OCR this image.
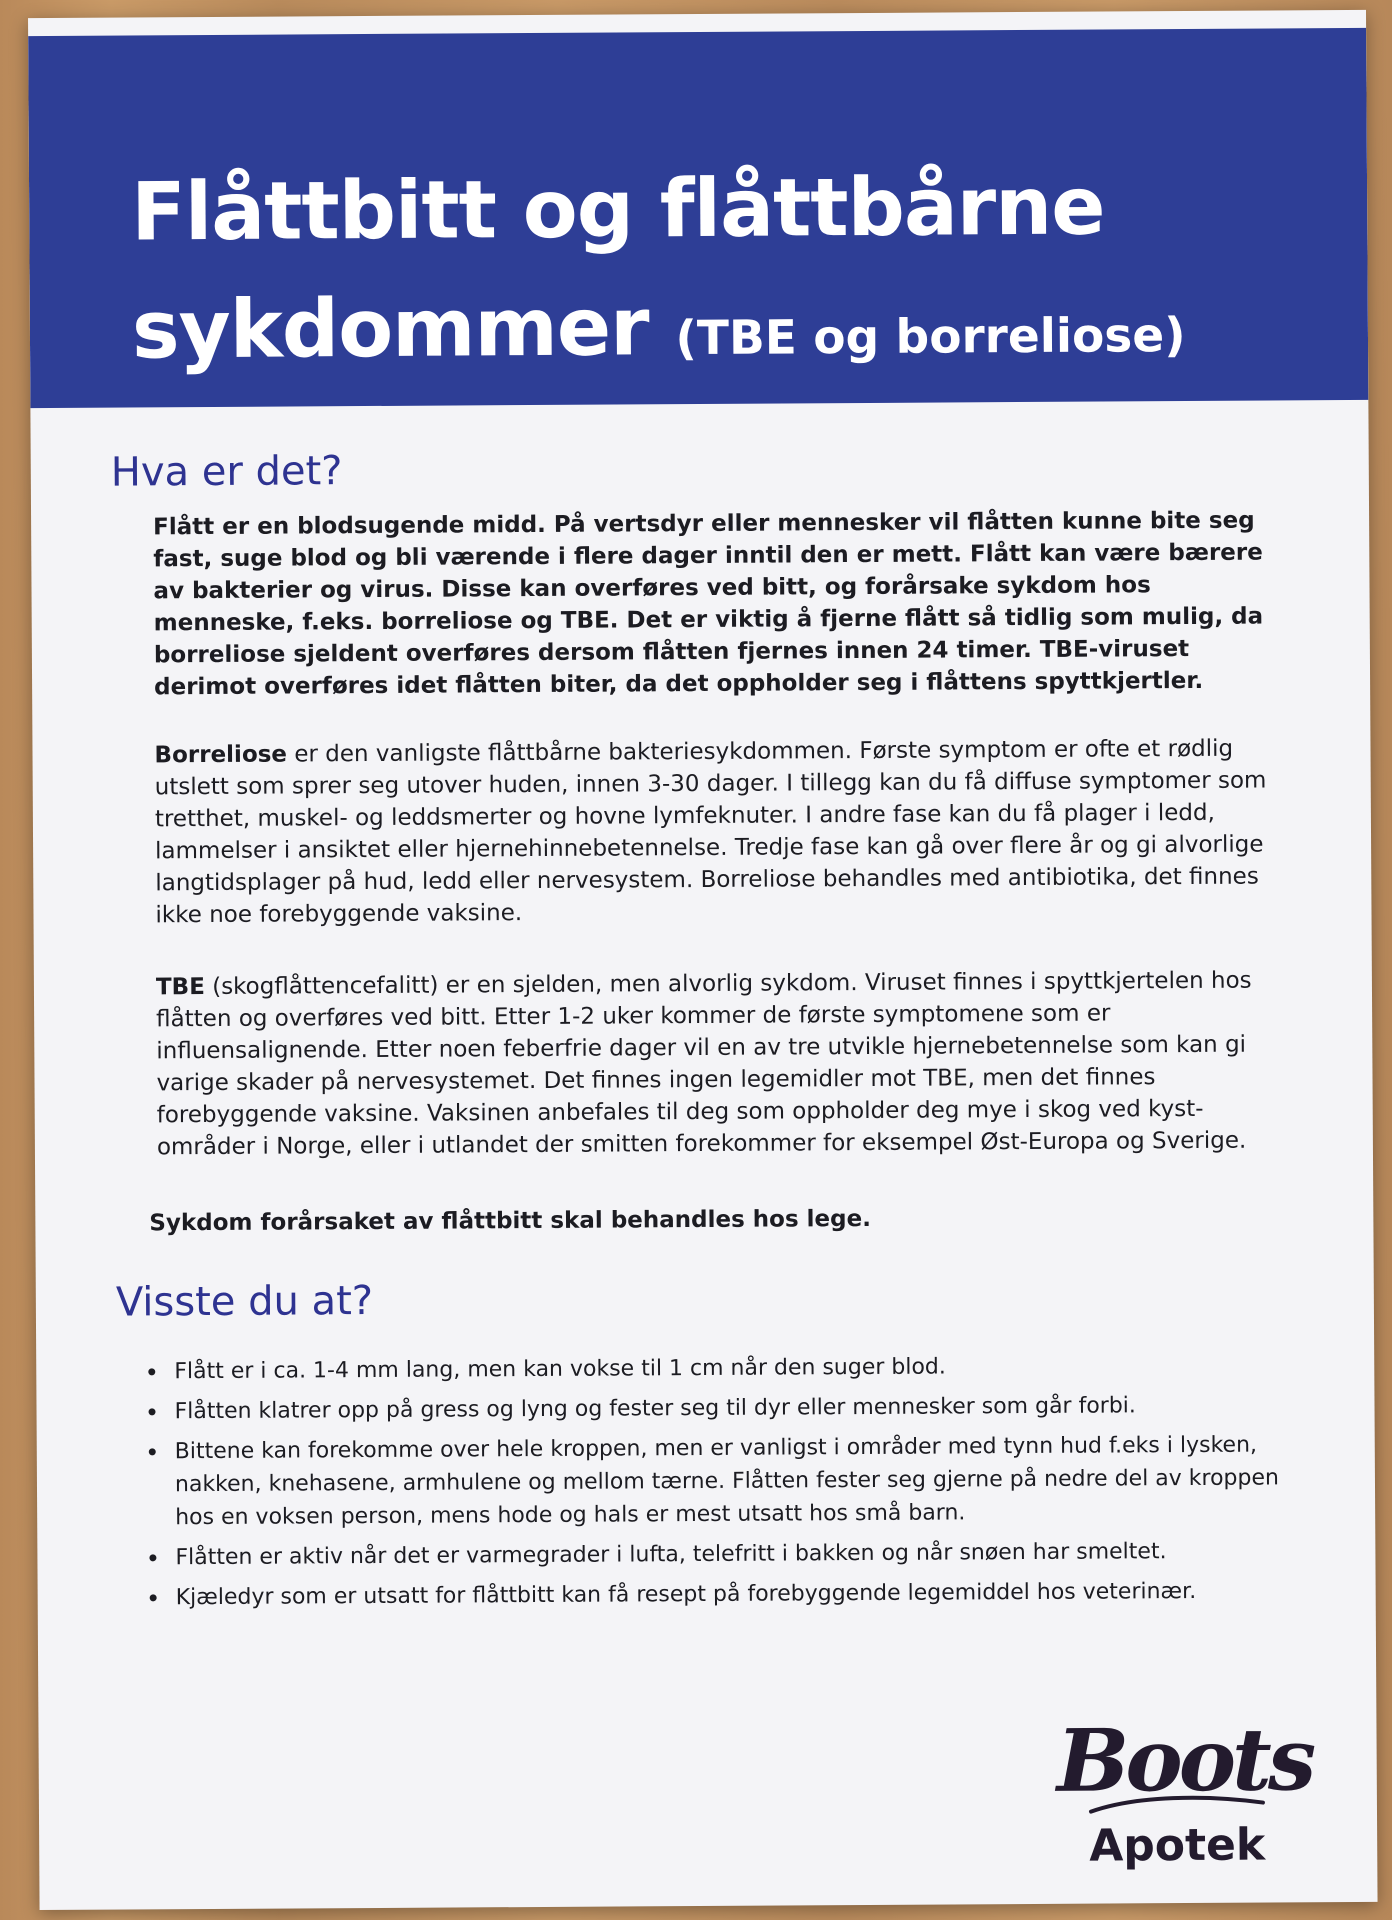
Flåttbitt og flåttbårne
sykdommer (TBE og borreliose)
Hva er det?

Flått er en blodsugende midd. På vertsdyr eller mennesker vil flåtten kunne bite seg fast, suge blod og bli værende i flere dager inntil den er mett. Flått kan være bærere av bakterier og virus. Disse kan overføres ved bitt, og forårsake sykdom hos menneske, f.eks. borreliose og TBE. Det er viktig å fjerne flått så tidlig som mulig, da borreliose sjeldent overføres dersom flåtten fjernes innen 24 timer. TBE-viruset derimot overføres idet flåtten biter, da det oppholder seg i flåttens spyttkjertler.

Borreliose er den vanligste flåttbårne bakteriesykdommen. Første symptom er ofte et rødlig utslett som sprer seg utover huden, innen 3-30 dager. I tillegg kan du få diffuse symptomer som tretthet, muskel- og leddsmerter og hovne lymfeknuter. I andre fase kan du få plager i ledd, lammelser i ansiktet eller hjernehinnebetennelse. Tredje fase kan gå over flere år og gi alvorlige langtidsplager på hud, ledd eller nervesystem. Borreliose behandles med antibiotika, det finnes ikke noe forebyggende vaksine.

TBE (skogflåttencefalitt) er en sjelden, men alvorlig sykdom. Viruset finnes i spyttkjertelen hos flåtten og overføres ved bitt. Etter 1-2 uker kommer de første symptomene som er influensalignende. Etter noen feberfrie dager vil en av tre utvikle hjernebetennelse som kan gi varige skader på nervesystemet. Det finnes ingen legemidler mot TBE, men det finnes forebyggende vaksine. Vaksinen anbefales til deg som oppholder deg mye i skog ved kyst-områder i Norge, eller i utlandet der smitten forekommer for eksempel Øst-Europa og Sverige.

Sykdom forårsaket av flåttbitt skal behandles hos lege.

Visste du at?
Flått er i ca. 1-4 mm lang, men kan vokse til 1 cm når den suger blod.
Flåtten klatrer opp på gress og lyng og fester seg til dyr eller mennesker som går forbi.
Bittene kan forekomme over hele kroppen, men er vanligst i områder med tynn hud f.eks i lysken, nakken, knehasene, armhulene og mellom tærne. Flåtten fester seg gjerne på nedre del av kroppen hos en voksen person, mens hode og hals er mest utsatt hos små barn.
Flåtten er aktiv når det er varmegrader i lufta, telefritt i bakken og når snøen har smeltet.
Kjæledyr som er utsatt for flåttbitt kan få resept på forebyggende legemiddel hos veterinær.
Boots
Apotek
